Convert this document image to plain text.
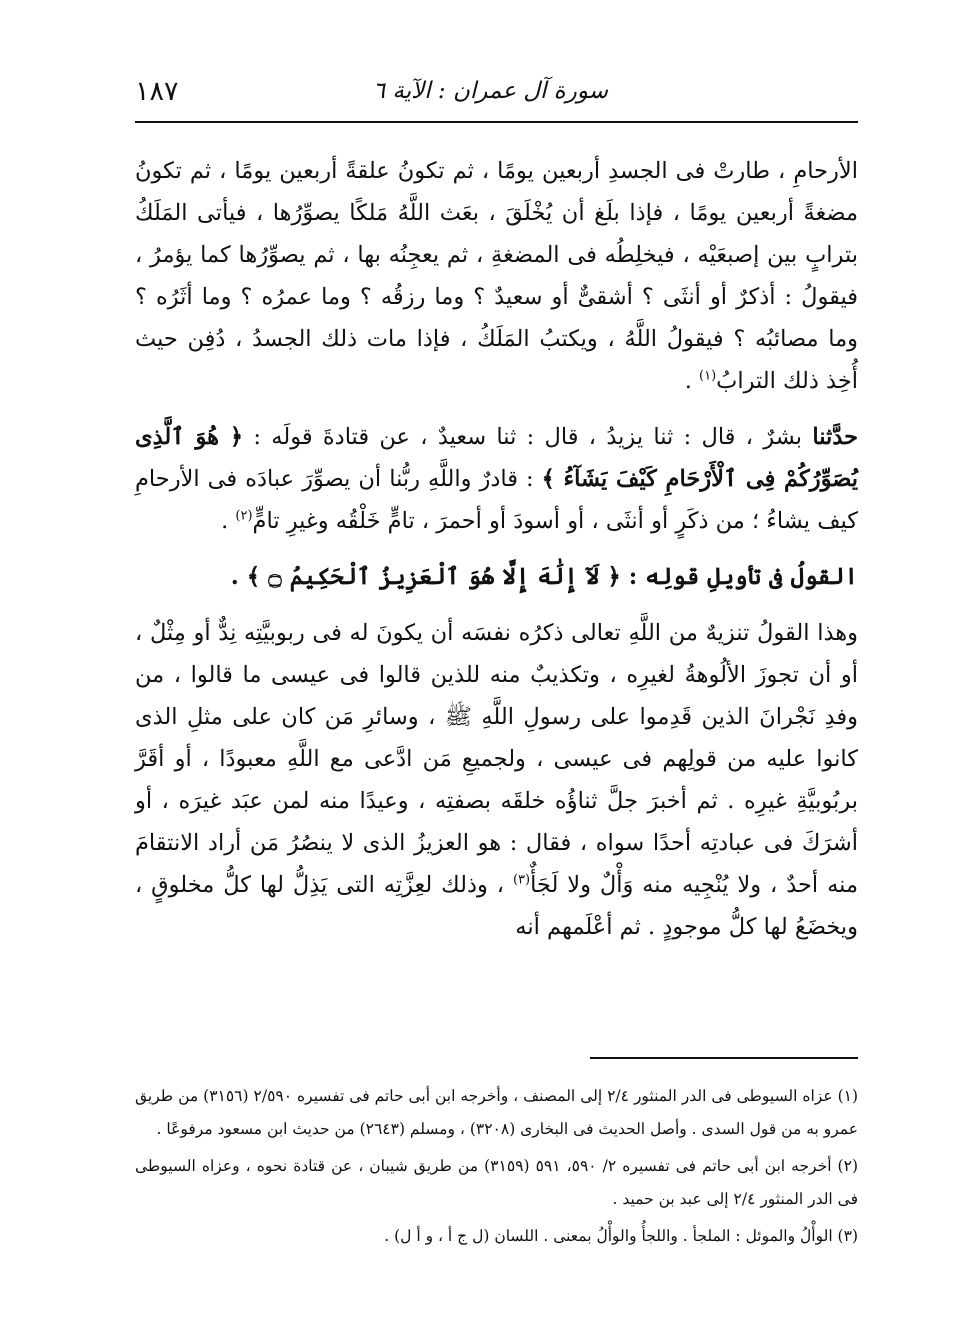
سورة آل عمران : الآية ٦
١٨٧

الأرحامِ ، طارتْ فى الجسدِ أربعين يومًا ، ثم تكونُ علقةً أربعين يومًا ، ثم تكونُ مضغةً أربعين يومًا ، فإذا بلَغ أن يُخْلَقَ ، بعَث اللَّهُ مَلكًا يصوِّرُها ، فيأتى المَلَكُ بترابٍ بين إصبعَيْه ، فيخلِطُه فى المضغةِ ، ثم يعجِنُه بها ، ثم يصوِّرُها كما يؤمرُ ، فيقولُ : أذكرٌ أو أنثَى ؟ أشقىٌّ أو سعيدٌ ؟ وما رزقُه ؟ وما عمرُه ؟ وما أثَرُه ؟ وما مصائبُه ؟ فيقولُ اللَّهُ ، ويكتبُ المَلَكُ ، فإذا مات ذلك الجسدُ ، دُفِن حيث أُخِذ ذلك الترابُ$^{(١)}$ .

حدَّثنا بشرٌ ، قال : ثنا يزيدُ ، قال : ثنا سعيدٌ ، عن قتادةَ قولَه : ﴿ هُوَ ٱلَّذِى يُصَوِّرُكُمْ فِى ٱلْأَرْحَامِ كَيْفَ يَشَآءُ ﴾ : قادرٌ واللَّهِ ربُّنا أن يصوِّرَ عبادَه فى الأرحامِ كيف يشاءُ ؛ من ذكَرٍ أو أنثَى ، أو أسودَ أو أحمرَ ، تامٍّ خَلْقُه وغيرِ تامٍّ$^{(٢)}$ .

القولُ فى تأويلِ قولِه : ﴿ لَآ إِلَٰهَ إِلَّا هُوَ ٱلْعَزِيزُ ٱلْحَكِيمُ ۝ ﴾ .

وهذا القولُ تنزيهٌ من اللَّهِ تعالى ذكرُه نفسَه أن يكونَ له فى ربوبيَّتِه نِدٌّ أو مِثْلٌ ، أو أن تجوزَ الألُوهةُ لغيرِه ، وتكذيبٌ منه للذين قالوا فى عيسى ما قالوا ، من وفدِ نَجْرانَ الذين قَدِموا على رسولِ اللَّهِ ﷺ ، وسائرِ مَن كان على مثلِ الذى كانوا عليه من قولِهم فى عيسى ، ولجميعِ مَن ادَّعى مع اللَّهِ معبودًا ، أو أقَرَّ بربُوبيَّةِ غيرِه . ثم أخبرَ جلَّ ثناؤُه خلقَه بصفتِه ، وعيدًا منه لمن عبَد غيرَه ، أو أشرَكَ فى عبادتِه أحدًا سواه ، فقال : هو العزيزُ الذى لا ينصُرُ مَن أراد الانتقامَ منه أحدٌ ، ولا يُنْجِيه منه وَأْلٌ ولا لَجَأٌ$^{(٣)}$ ، وذلك لعِزَّتِه التى يَذِلُّ لها كلُّ مخلوقٍ ، ويخضَعُ لها كلُّ موجودٍ . ثم أعْلَمهم أنه

(١) عزاه السيوطى فى الدر المنثور ٢/٤ إلى المصنف ، وأخرجه ابن أبى حاتم فى تفسيره ٢/٥٩٠ (٣١٥٦) من طريق عمرو به من قول السدى . وأصل الحديث فى البخارى (٣٢٠٨) ، ومسلم (٢٦٤٣) من حديث ابن مسعود مرفوعًا .

(٢) أخرجه ابن أبى حاتم فى تفسيره ٢/ ٥٩٠، ٥٩١ (٣١٥٩) من طريق شيبان ، عن قتادة نحوه ، وعزاه السيوطى فى الدر المنثور ٢/٤ إلى عبد بن حميد .

(٣) الوأْلُ والموئل : الملجأ . واللجأُ والوأْلُ بمعنى . اللسان (ل ج أ ، و أ ل) .
